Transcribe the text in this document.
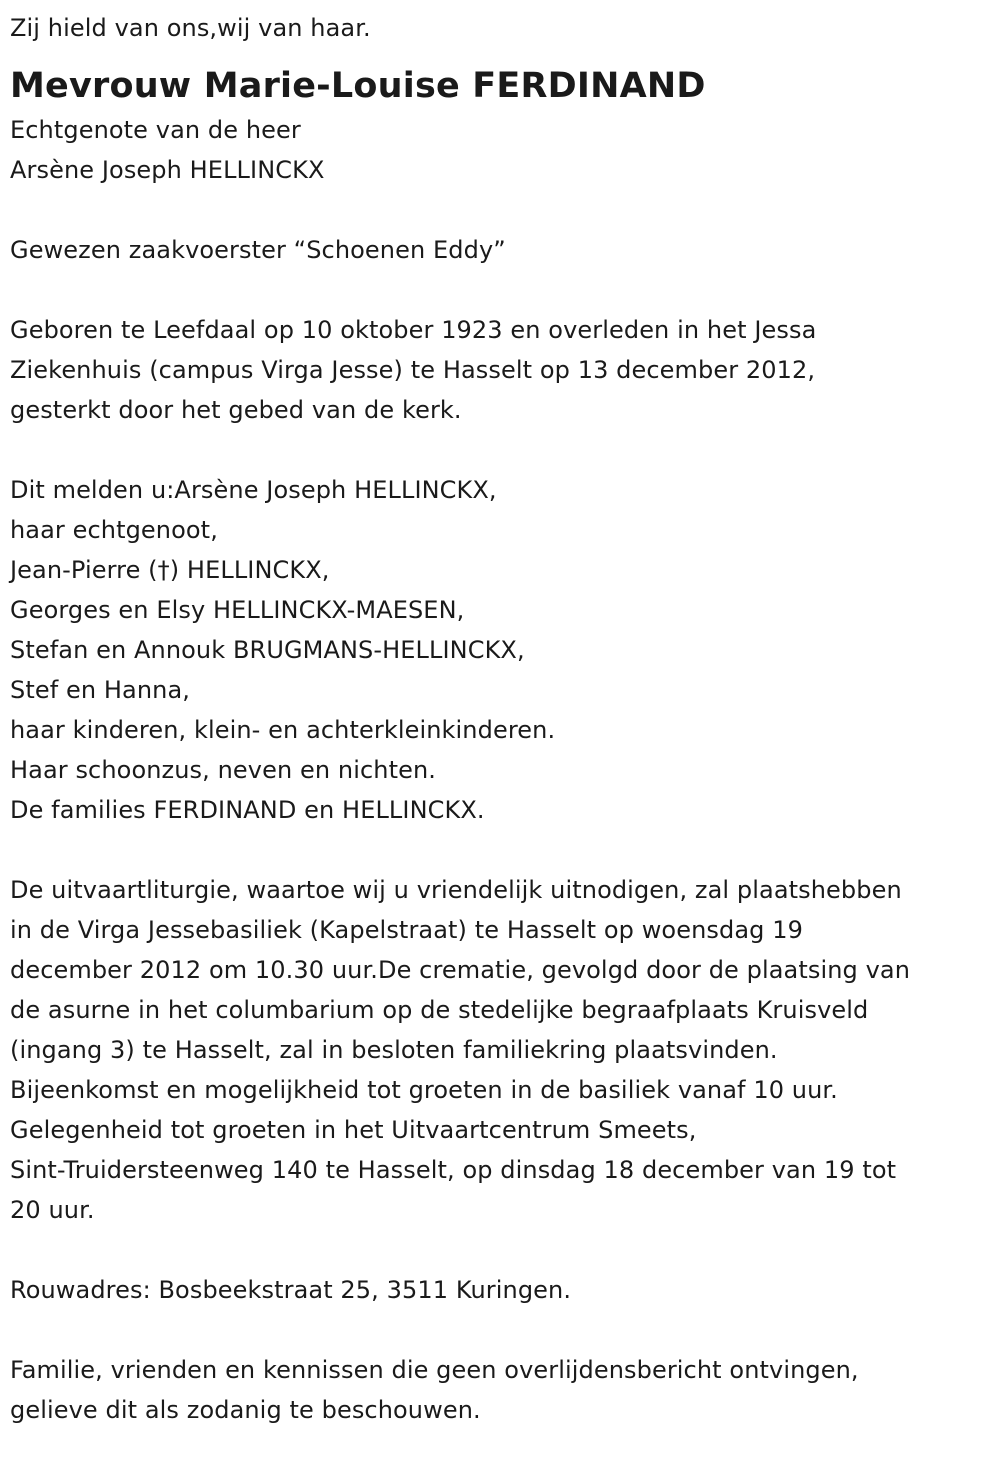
Zij hield van ons,wij van haar.
Mevrouw Marie-Louise FERDINAND
Echtgenote van de heer
Arsène Joseph HELLINCKX
Gewezen zaakvoerster “Schoenen Eddy”
Geboren te Leefdaal op 10 oktober 1923 en overleden in het Jessa
Ziekenhuis (campus Virga Jesse) te Hasselt op 13 december 2012,
gesterkt door het gebed van de kerk.
Dit melden u:Arsène Joseph HELLINCKX,
haar echtgenoot,
Jean-Pierre (†) HELLINCKX,
Georges en Elsy HELLINCKX-MAESEN,
Stefan en Annouk BRUGMANS-HELLINCKX,
Stef en Hanna,
haar kinderen, klein- en achterkleinkinderen.
Haar schoonzus, neven en nichten.
De families FERDINAND en HELLINCKX.
De uitvaartliturgie, waartoe wij u vriendelijk uitnodigen, zal plaatshebben
in de Virga Jessebasiliek (Kapelstraat) te Hasselt op woensdag 19
december 2012 om 10.30 uur.De crematie, gevolgd door de plaatsing van
de asurne in het columbarium op de stedelijke begraafplaats Kruisveld
(ingang 3) te Hasselt, zal in besloten familiekring plaatsvinden.
Bijeenkomst en mogelijkheid tot groeten in de basiliek vanaf 10 uur.
Gelegenheid tot groeten in het Uitvaartcentrum Smeets,
Sint-Truidersteenweg 140 te Hasselt, op dinsdag 18 december van 19 tot
20 uur.
Rouwadres: Bosbeekstraat 25, 3511 Kuringen.
Familie, vrienden en kennissen die geen overlijdensbericht ontvingen,
gelieve dit als zodanig te beschouwen.
